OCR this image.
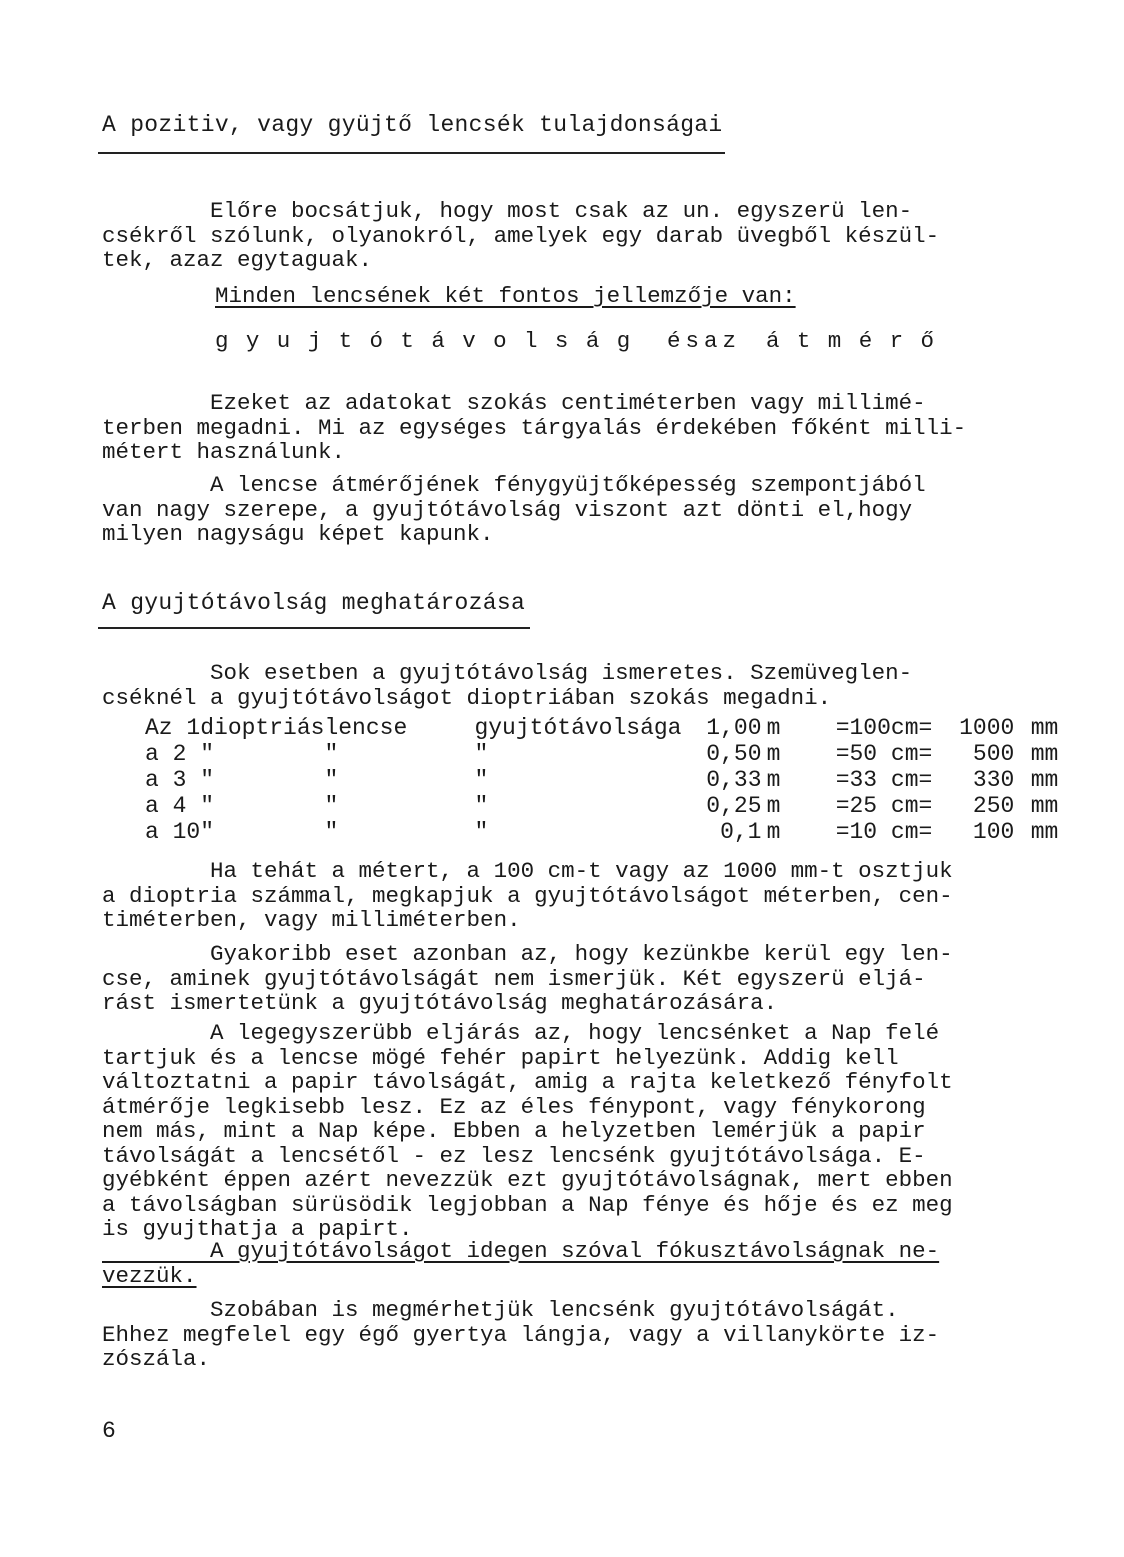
A pozitiv, vagy gyüjtő lencsék tulajdonságai
Előre bocsátjuk, hogy most csak az un. egyszerü len-
csékről szólunk, olyanokról, amelyek egy darab üvegből készül-
tek, azaz egytaguak.
Minden lencsének két fontos jellemzője van:
gyujtótávolság ésaz átmérő
Ezeket az adatokat szokás centiméterben vagy millimé-
terben megadni. Mi az egységes tárgyalás érdekében főként milli-
métert használunk.
A lencse átmérőjének fénygyüjtőképesség szempontjából
van nagy szerepe, a gyujtótávolság viszont azt dönti el,hogy
milyen nagyságu képet kapunk.
A gyujtótávolság meghatározása
Sok esetben a gyujtótávolság ismeretes. Szemüveglen-
cséknél a gyujtótávolságot dioptriában szokás megadni.
Az 1	dioptriás	lencse	gyujtótávolsága	1,00	m	=	100	cm=	1000	mm
a 2	"	"	"	0,50	m	=	50	cm=	500	mm
a 3	"	"	"	0,33	m	=	33	cm=	330	mm
a 4	"	"	"	0,25	m	=	25	cm=	250	mm
a 10	"	"	"	0,1	m	=	10	cm=	100	mm
Ha tehát a métert, a 100 cm-t vagy az 1000 mm-t osztjuk
a dioptria számmal, megkapjuk a gyujtótávolságot méterben, cen-
timéterben, vagy milliméterben.
Gyakoribb eset azonban az, hogy kezünkbe kerül egy len-
cse, aminek gyujtótávolságát nem ismerjük. Két egyszerü eljá-
rást ismertetünk a gyujtótávolság meghatározására.
A legegyszerübb eljárás az, hogy lencsénket a Nap felé
tartjuk és a lencse mögé fehér papirt helyezünk. Addig kell
változtatni a papir távolságát, amig a rajta keletkező fényfolt
átmérője legkisebb lesz. Ez az éles fénypont, vagy fénykorong
nem más, mint a Nap képe. Ebben a helyzetben lemérjük a papir
távolságát a lencsétől - ez lesz lencsénk gyujtótávolsága. E-
gyébként éppen azért nevezzük ezt gyujtótávolságnak, mert ebben
a távolságban sürüsödik legjobban a Nap fénye és hője és ez meg
is gyujthatja a papirt.
A gyujtótávolságot idegen szóval fókusztávolságnak ne-
vezzük.
Szobában is megmérhetjük lencsénk gyujtótávolságát.
Ehhez megfelel egy égő gyertya lángja, vagy a villanykörte iz-
zószála.
6
